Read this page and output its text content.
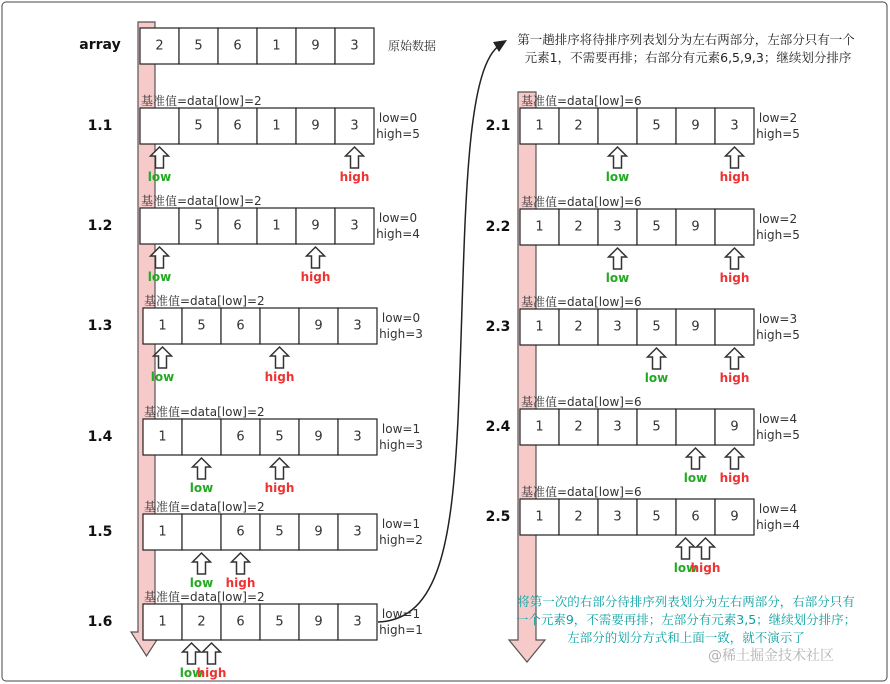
array	2 5 6 1 9 3 原始数据
1.1
基准值=data[low]=2
5 6 1 9 3
low=0
high=5
low	high
1.2
基准值=data[low]=2
5 6 1 9 3
low=0
high=4
low	high
1.3
基准值=data[low]=2
1 5 6	9 3
low=0
high=3
low	high
1.4
基准值=data[low]=2
1	6 5 9 3
low=1
high=3
low	high
1.5
基准值=data[low]=2
1	6 5 9 3
low=1
high=2
low high
1.6
基准值=data[low]=2
1 2 6 5 9 3
low=1
high=1
low
high
2.1
基准值=data[low]=6
1 2	5 9 3
low=2
high=5
low	high
2.2
基准值=data[low]=6
1 2 3 5 9
low=2
high=5
low	high
2.3
基准值=data[low]=6
1 2 3 5 9
low=3
high=5
low	high
2.4
基准值=data[low]=6
1 2 3 5	9
low=4
high=5
low high
2.5
基准值=data[low]=6
1 2 3 5 6 9
low=4
high=4
low
high
第一趟排序将待排序列表划分为左右两部分，左部分只有一个
元素1，不需要再排；右部分有元素6,5,9,3；继续划分排序
将第一次的右部分待排序列表划分为左右两部分，右部分只有
一个元素9，不需要再排；左部分有元素3,5；继续划分排序；
左部分的划分方式和上面一致，就不演示了
@稀土掘金技术社区
